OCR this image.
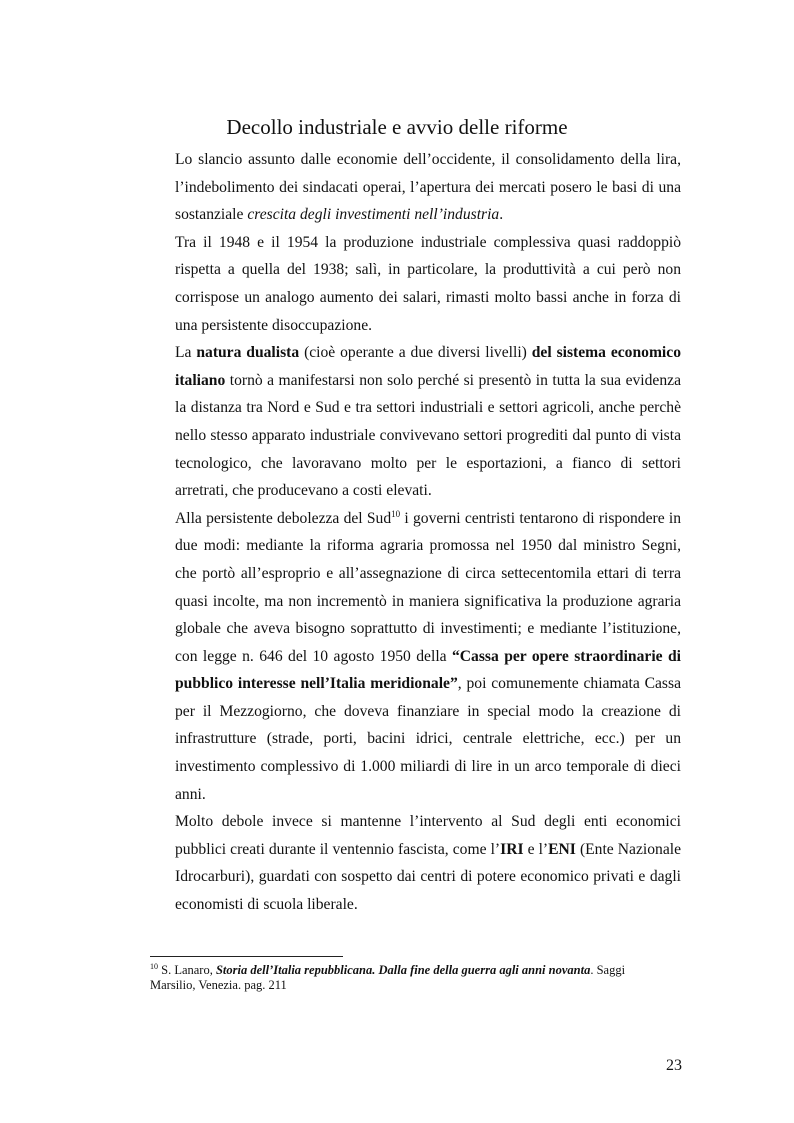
Decollo industriale e avvio delle riforme

Lo slancio assunto dalle economie dell’occidente, il consolidamento della lira, l’indebolimento dei sindacati operai, l’apertura dei mercati posero le basi di una sostanziale crescita degli investimenti nell’industria.

Tra il 1948 e il 1954 la produzione industriale complessiva quasi raddoppiò rispetta a quella del 1938; salì, in particolare, la produttività a cui però non corrispose un analogo aumento dei salari, rimasti molto bassi anche in forza di una persistente disoccupazione.

La natura dualista (cioè operante a due diversi livelli) del sistema economico italiano tornò a manifestarsi non solo perché si presentò in tutta la sua evidenza la distanza tra Nord e Sud e tra settori industriali e settori agricoli, anche perchè nello stesso apparato industriale convivevano settori progrediti dal punto di vista tecnologico, che lavoravano molto per le esportazioni, a fianco di settori arretrati, che producevano a costi elevati.

Alla persistente debolezza del Sud$^{10}$ i governi centristi tentarono di rispondere in due modi: mediante la riforma agraria promossa nel 1950 dal ministro Segni, che portò all’esproprio e all’assegnazione di circa settecentomila ettari di terra quasi incolte, ma non incrementò in maniera significativa la produzione agraria globale che aveva bisogno soprattutto di investimenti; e mediante l’istituzione, con legge n. 646 del 10 agosto 1950 della “Cassa per opere straordinarie di pubblico interesse nell’Italia meridionale”, poi comunemente chiamata Cassa per il Mezzogiorno, che doveva finanziare in special modo la creazione di infrastrutture (strade, porti, bacini idrici, centrale elettriche, ecc.) per un investimento complessivo di 1.000 miliardi di lire in un arco temporale di dieci anni.

Molto debole invece si mantenne l’intervento al Sud degli enti economici pubblici creati durante il ventennio fascista, come l’IRI e l’ENI (Ente Nazionale Idrocarburi), guardati con sospetto dai centri di potere economico privati e dagli economisti di scuola liberale.

$^{10}$ S. Lanaro, Storia dell’Italia repubblicana. Dalla fine della guerra agli anni novanta. Saggi Marsilio, Venezia. pag. 211
23
